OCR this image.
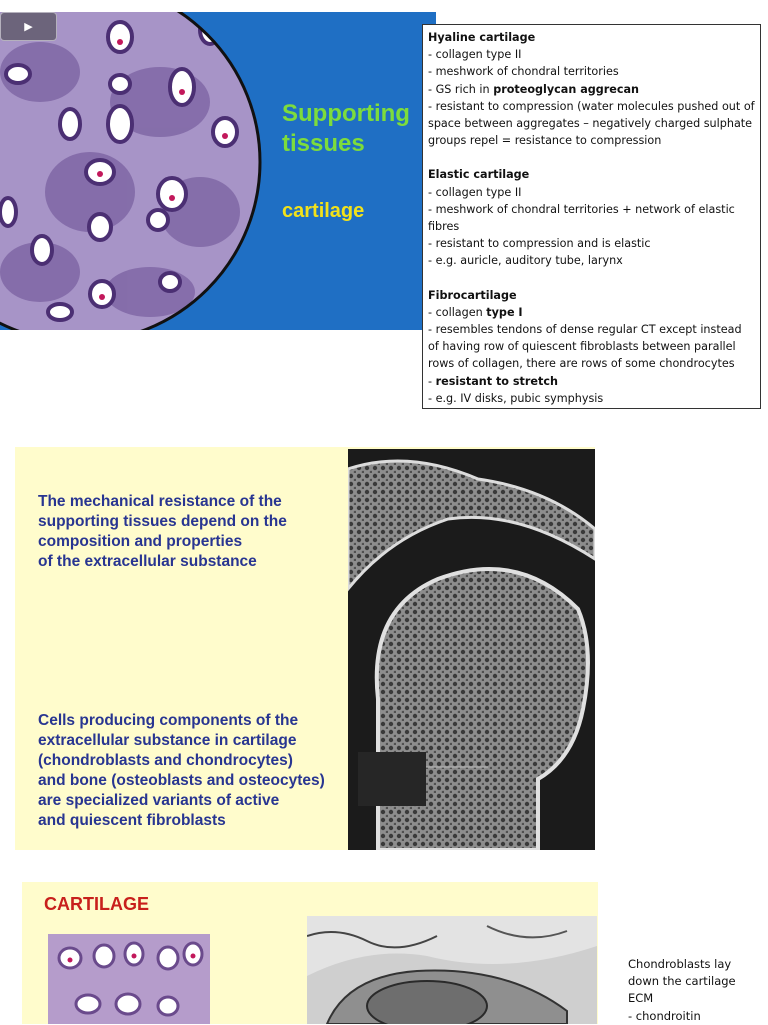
▶
Supporting
tissues
cartilage

Hyaline cartilage

- collagen type II

- meshwork of chondral territories

- GS rich in proteoglycan aggrecan

- resistant to compression (water molecules pushed out of space between aggregates – negatively charged sulphate groups repel = resistance to compression

Elastic cartilage

- collagen type II

- meshwork of chondral territories + network of elastic fibres

- resistant to compression and is elastic

- e.g. auricle, auditory tube, larynx

Fibrocartilage

- collagen type I

- resembles tendons of dense regular CT except instead of having row of quiescent fibroblasts between parallel rows of collagen, there are rows of some chondrocytes

- resistant to stretch

- e.g. IV disks, pubic symphysis

The mechanical resistance of the
supporting tissues depend on the
composition and properties
of the extracellular substance
Cells producing components of the
extracellular substance in cartilage
(chondroblasts and chondrocytes)
and bone (osteoblasts and osteocytes)
are specialized variants of active
and quiescent fibroblasts
CARTILAGE

Chondroblasts lay down the cartilage ECM

- chondroitin
